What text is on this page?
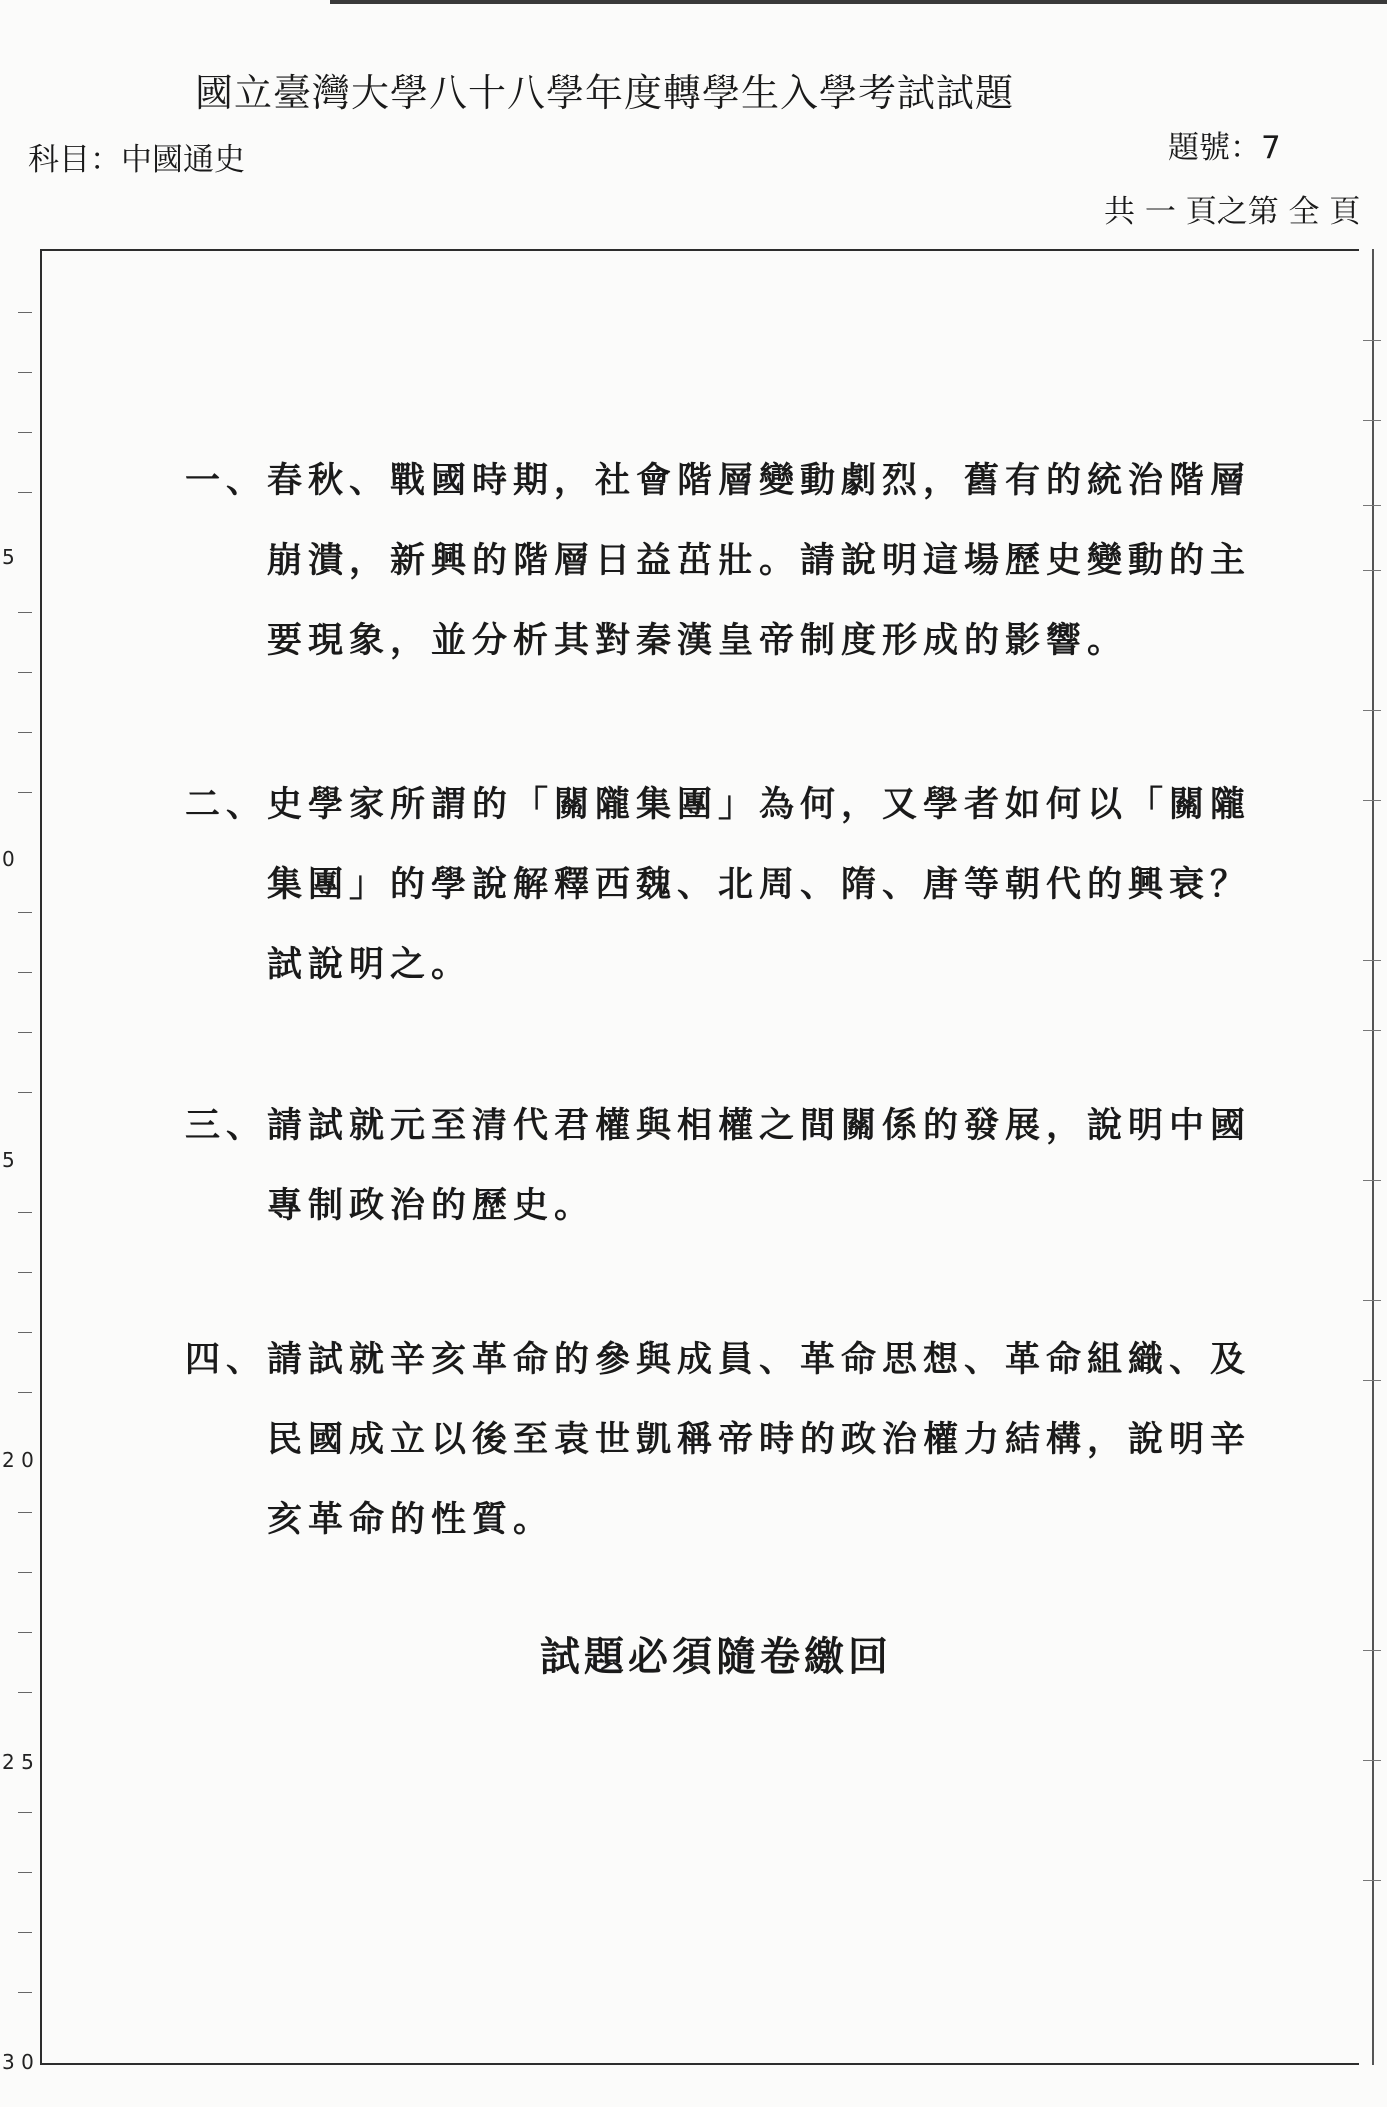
國立臺灣大學八十八學年度轉學生入學考試試題
科目：中國通史	題號：7
共 一 頁之第 全 頁
5
0
5
2 0
2 5
3 0
一、春秋、戰國時期，社會階層變動劇烈，舊有的統治階層
崩潰，新興的階層日益茁壯。請說明這場歷史變動的主
要現象，並分析其對秦漢皇帝制度形成的影響。
二、史學家所謂的「關隴集團」為何，又學者如何以「關隴
集團」的學說解釋西魏、北周、隋、唐等朝代的興衰？
試說明之。
三、請試就元至清代君權與相權之間關係的發展，說明中國
專制政治的歷史。
四、請試就辛亥革命的參與成員、革命思想、革命組織、及
民國成立以後至袁世凱稱帝時的政治權力結構，說明辛
亥革命的性質。
試題必須隨卷繳回
